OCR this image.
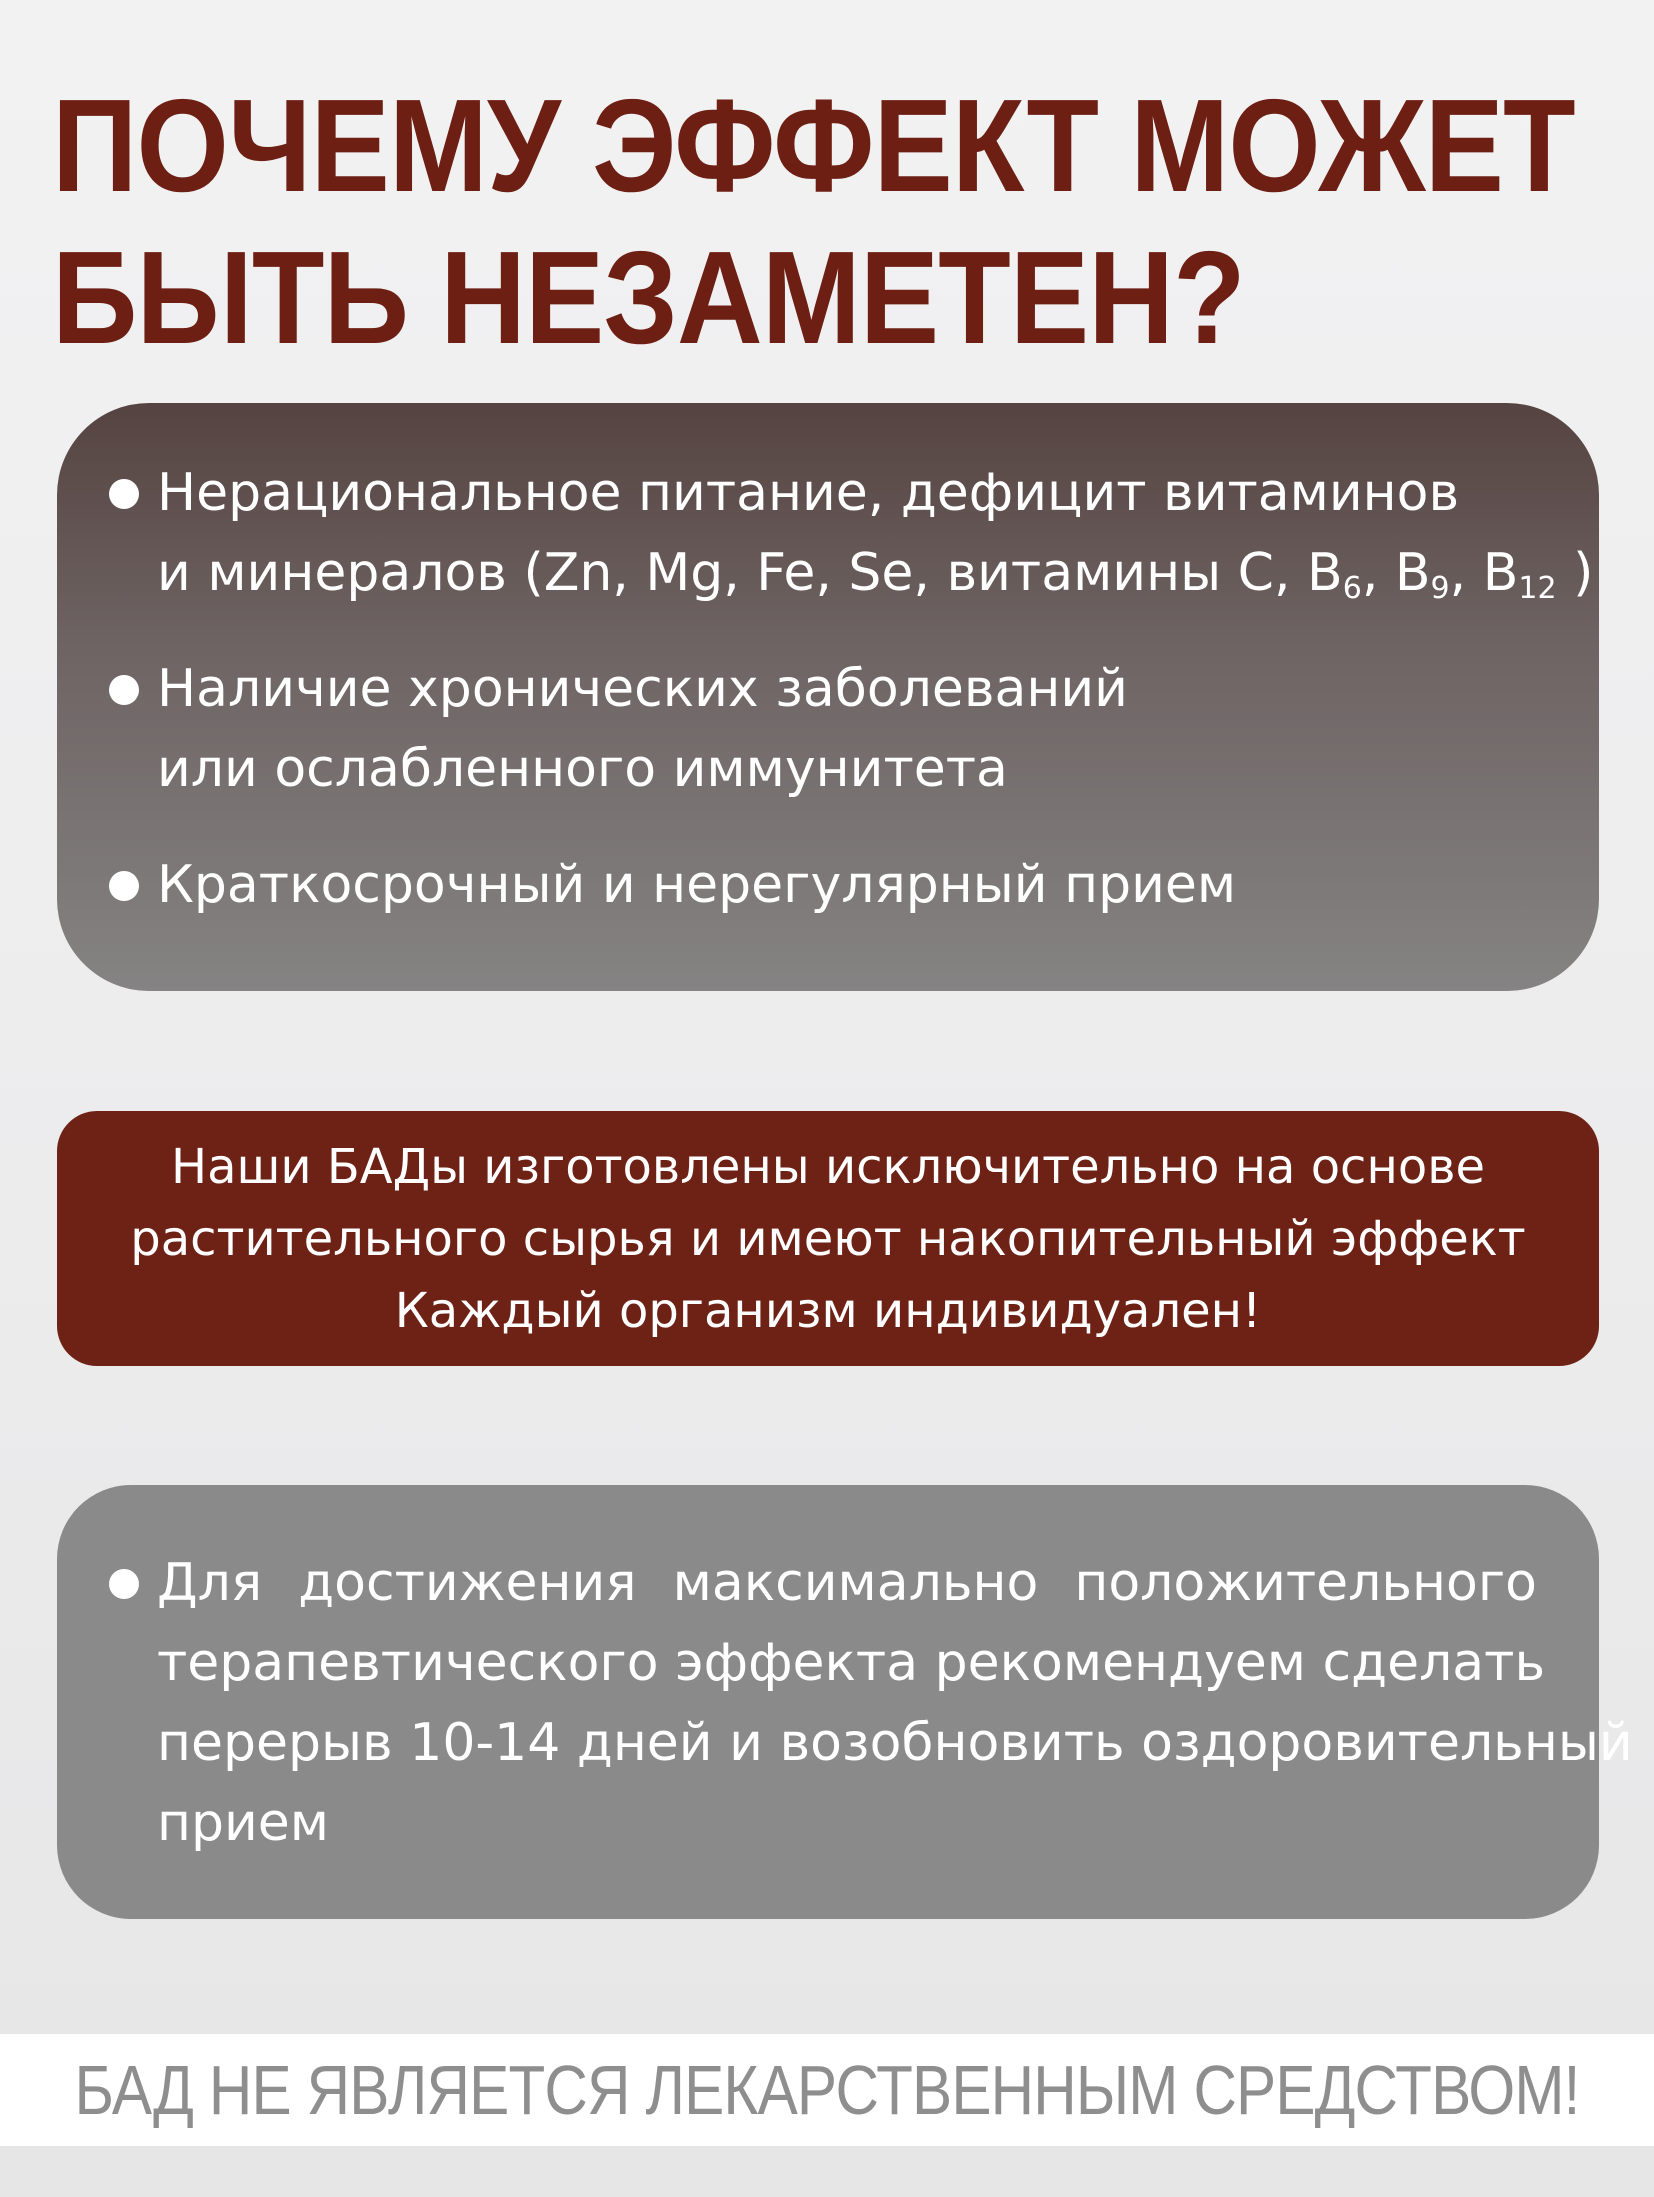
ПОЧЕМУ ЭФФЕКТ МОЖЕТ
БЫТЬ НЕЗАМЕТЕН?
Нерациональное питание, дефицит витаминов
и минералов (Zn, Mg, Fe, Se, витамины С, $В_6$, $В_9$, $В_{12}$ )
Наличие хронических заболеваний
или ослабленного иммунитета
Краткосрочный и нерегулярный прием
Наши БАДы изготовлены исключительно на основе
растительного сырья и имеют накопительный эффект
Каждый организм индивидуален!
Для достижения максимально положительного
терапевтического эффекта рекомендуем сделать
перерыв 10-14 дней и возобновить оздоровительный
прием
БАД НЕ ЯВЛЯЕТСЯ ЛЕКАРСТВЕННЫМ СРЕДСТВОМ!
